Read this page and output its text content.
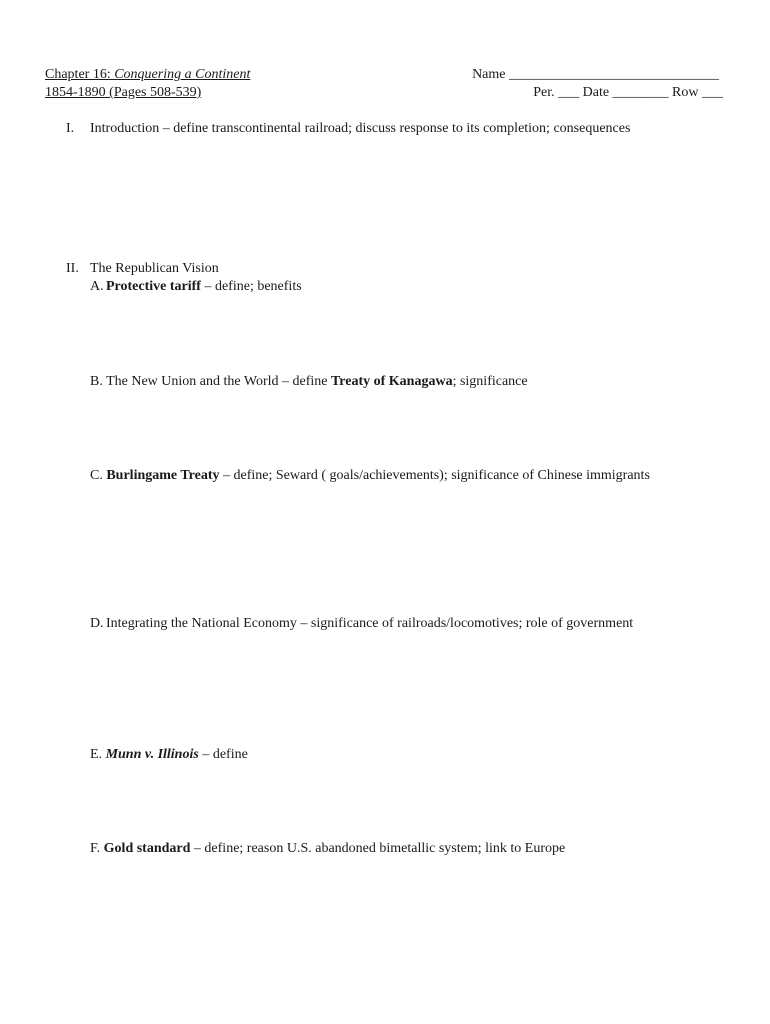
Chapter 16: Conquering a Continent
1854-1890 (Pages 508-539)
Name ______________________________
Per. ___ Date ________ Row ___
I. Introduction – define transcontinental railroad; discuss response to its completion; consequences
II. The Republican Vision
A. Protective tariff – define; benefits
B. The New Union and the World – define Treaty of Kanagawa; significance
C. Burlingame Treaty – define; Seward ( goals/achievements); significance of Chinese immigrants
D. Integrating the National Economy – significance of railroads/locomotives; role of government
E. Munn v. Illinois – define
F. Gold standard – define; reason U.S. abandoned bimetallic system; link to Europe
